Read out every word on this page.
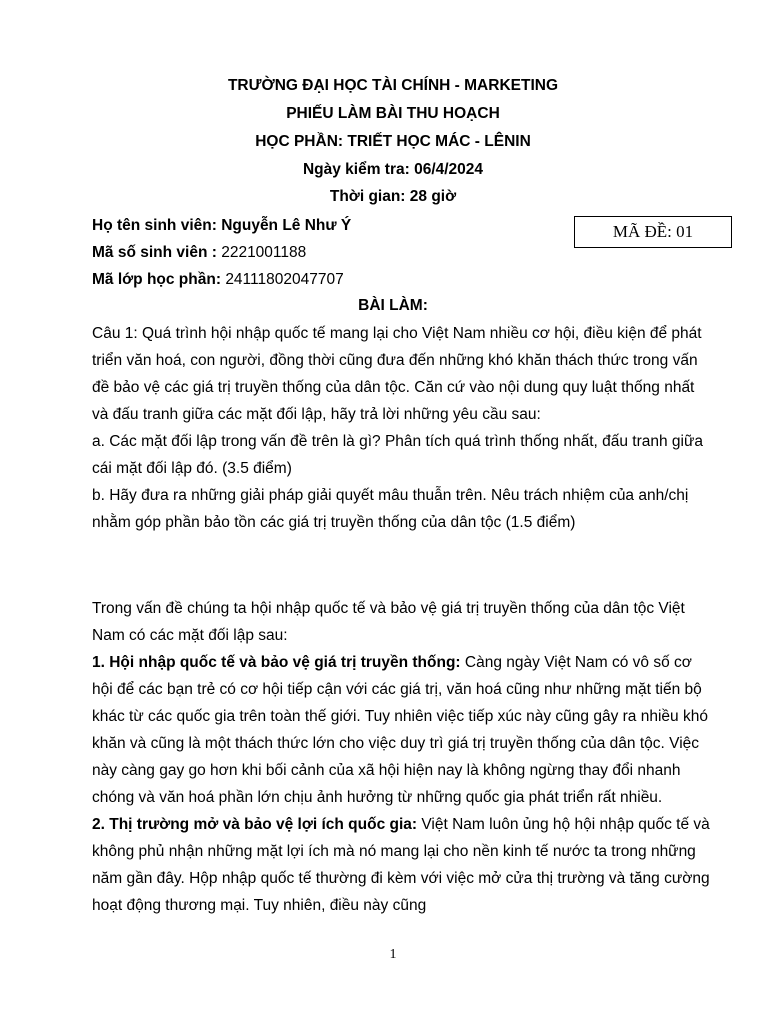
TRƯỜNG ĐẠI HỌC TÀI CHÍNH - MARKETING
PHIẾU LÀM BÀI THU HOẠCH
HỌC PHẦN: TRIẾT HỌC MÁC - LÊNIN
Ngày kiểm tra: 06/4/2024
Thời gian: 28 giờ
Họ tên sinh viên: Nguyễn Lê Như Ý
Mã số sinh viên : 2221001188
Mã lớp học phần: 24111802047707
MÃ ĐỀ: 01
BÀI LÀM:

Câu 1: Quá trình hội nhập quốc tế mang lại cho Việt Nam nhiều cơ hội, điều kiện để phát triển văn hoá, con người, đồng thời cũng đưa đến những khó khăn thách thức trong vấn đề bảo vệ các giá trị truyền thống của dân tộc. Căn cứ vào nội dung quy luật thống nhất và đấu tranh giữa các mặt đối lập, hãy trả lời những yêu cầu sau:

a. Các mặt đối lập trong vấn đề trên là gì? Phân tích quá trình thống nhất, đấu tranh giữa cái mặt đối lập đó. (3.5 điểm)

b. Hãy đưa ra những giải pháp giải quyết mâu thuẫn trên. Nêu trách nhiệm của anh/chị nhằm góp phần bảo tồn các giá trị truyền thống của dân tộc (1.5 điểm)

Trong vấn đề chúng ta hội nhập quốc tế và bảo vệ giá trị truyền thống của dân tộc Việt Nam có các mặt đối lập sau:

1. Hội nhập quốc tế và bảo vệ giá trị truyền thống: Càng ngày Việt Nam có vô số cơ hội để các bạn trẻ có cơ hội tiếp cận với các giá trị, văn hoá cũng như những mặt tiến bộ khác từ các quốc gia trên toàn thế giới. Tuy nhiên việc tiếp xúc này cũng gây ra nhiều khó khăn và cũng là một thách thức lớn cho việc duy trì giá trị truyền thống của dân tộc. Việc này càng gay go hơn khi bối cảnh của xã hội hiện nay là không ngừng thay đổi nhanh chóng và văn hoá phần lớn chịu ảnh hưởng từ những quốc gia phát triển rất nhiều.

2. Thị trường mở và bảo vệ lợi ích quốc gia: Việt Nam luôn ủng hộ hội nhập quốc tế và không phủ nhận những mặt lợi ích mà nó mang lại cho nền kinh tế nước ta trong những năm gần đây. Hộp nhập quốc tế thường đi kèm với việc mở cửa thị trường và tăng cường hoạt động thương mại. Tuy nhiên, điều này cũng

1
